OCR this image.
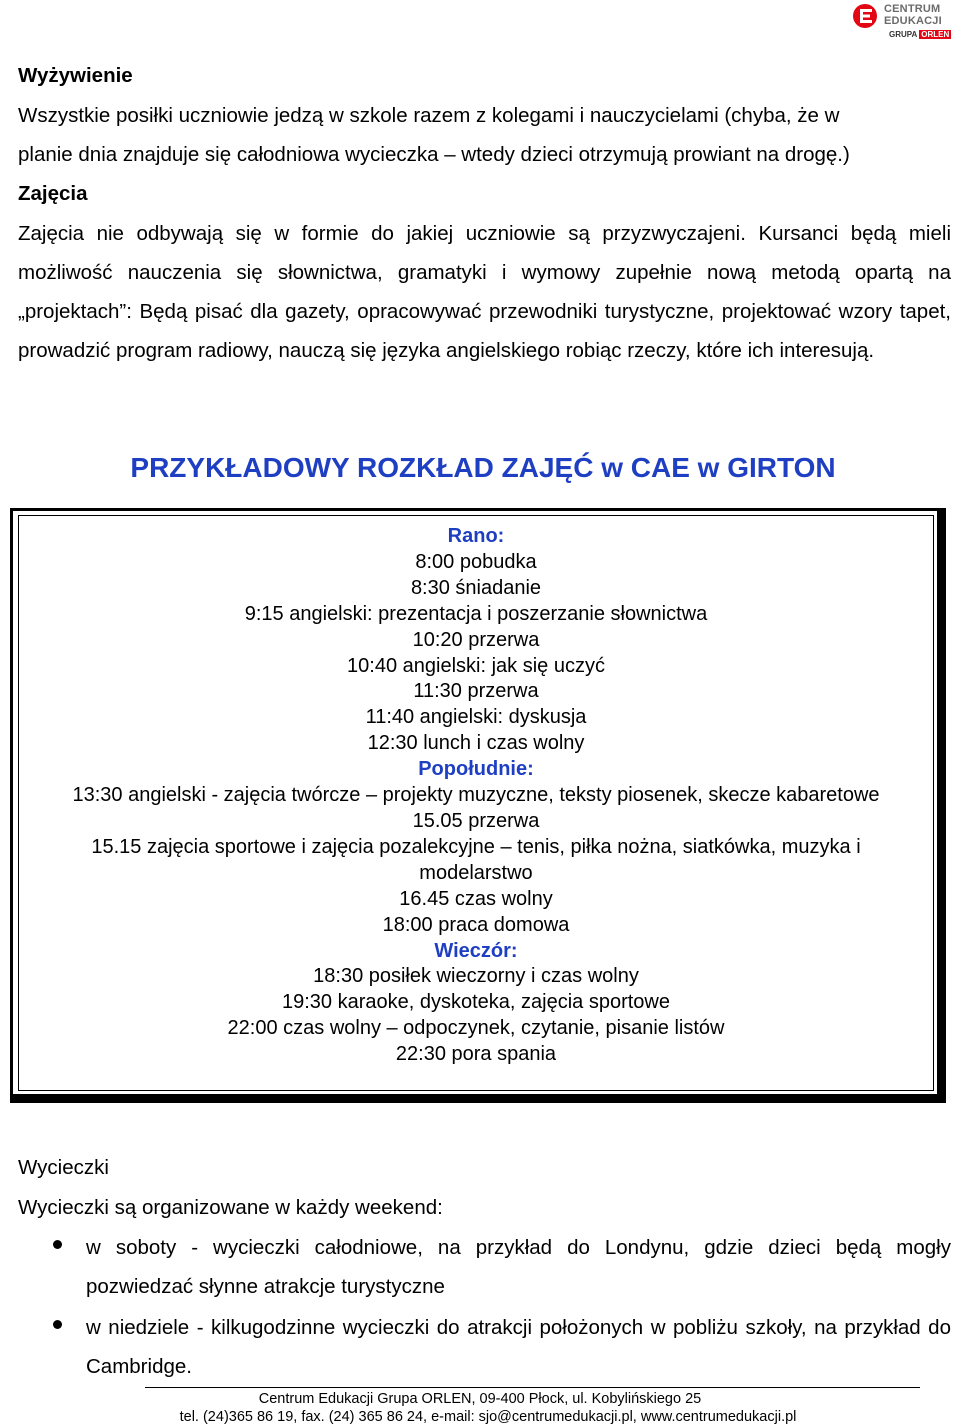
CENTRUM
EDUKACJI
GRUPA ORLEN
Wyżywienie
Wszystkie posiłki uczniowie jedzą w szkole razem z kolegami i nauczycielami (chyba, że w
planie dnia znajduje się całodniowa wycieczka – wtedy dzieci otrzymują prowiant na drogę.)
Zajęcia
Zajęcia nie odbywają się w formie do jakiej uczniowie są przyzwyczajeni. Kursanci będą mieli możliwość nauczenia się słownictwa, gramatyki i wymowy zupełnie nową metodą opartą na „projektach”: Będą pisać dla gazety, opracowywać przewodniki turystyczne, projektować wzory tapet, prowadzić program radiowy, nauczą się języka angielskiego robiąc rzeczy, które ich interesują.
PRZYKŁADOWY ROZKŁAD ZAJĘĆ w CAE w GIRTON
Rano:
8:00 pobudka
8:30 śniadanie
9:15 angielski: prezentacja i poszerzanie słownictwa
10:20 przerwa
10:40 angielski: jak się uczyć
11:30 przerwa
11:40 angielski: dyskusja
12:30 lunch i czas wolny
Popołudnie:
13:30 angielski - zajęcia twórcze – projekty muzyczne, teksty piosenek, skecze kabaretowe
15.05 przerwa
15.15 zajęcia sportowe i zajęcia pozalekcyjne – tenis, piłka nożna, siatkówka, muzyka i modelarstwo
16.45 czas wolny
18:00 praca domowa
Wieczór:
18:30 posiłek wieczorny i czas wolny
19:30 karaoke, dyskoteka, zajęcia sportowe
22:00 czas wolny – odpoczynek, czytanie, pisanie listów
22:30 pora spania
Wycieczki
Wycieczki są organizowane w każdy weekend:
w soboty - wycieczki całodniowe, na przykład do Londynu, gdzie dzieci będą mogły pozwiedzać słynne atrakcje turystyczne
w niedziele - kilkugodzinne wycieczki do atrakcji położonych w pobliżu szkoły, na przykład do Cambridge.
Centrum Edukacji Grupa ORLEN, 09-400 Płock, ul. Kobylińskiego 25
tel. (24)365 86 19, fax. (24) 365 86 24, e-mail: sjo@centrumedukacji.pl, www.centrumedukacji.pl
